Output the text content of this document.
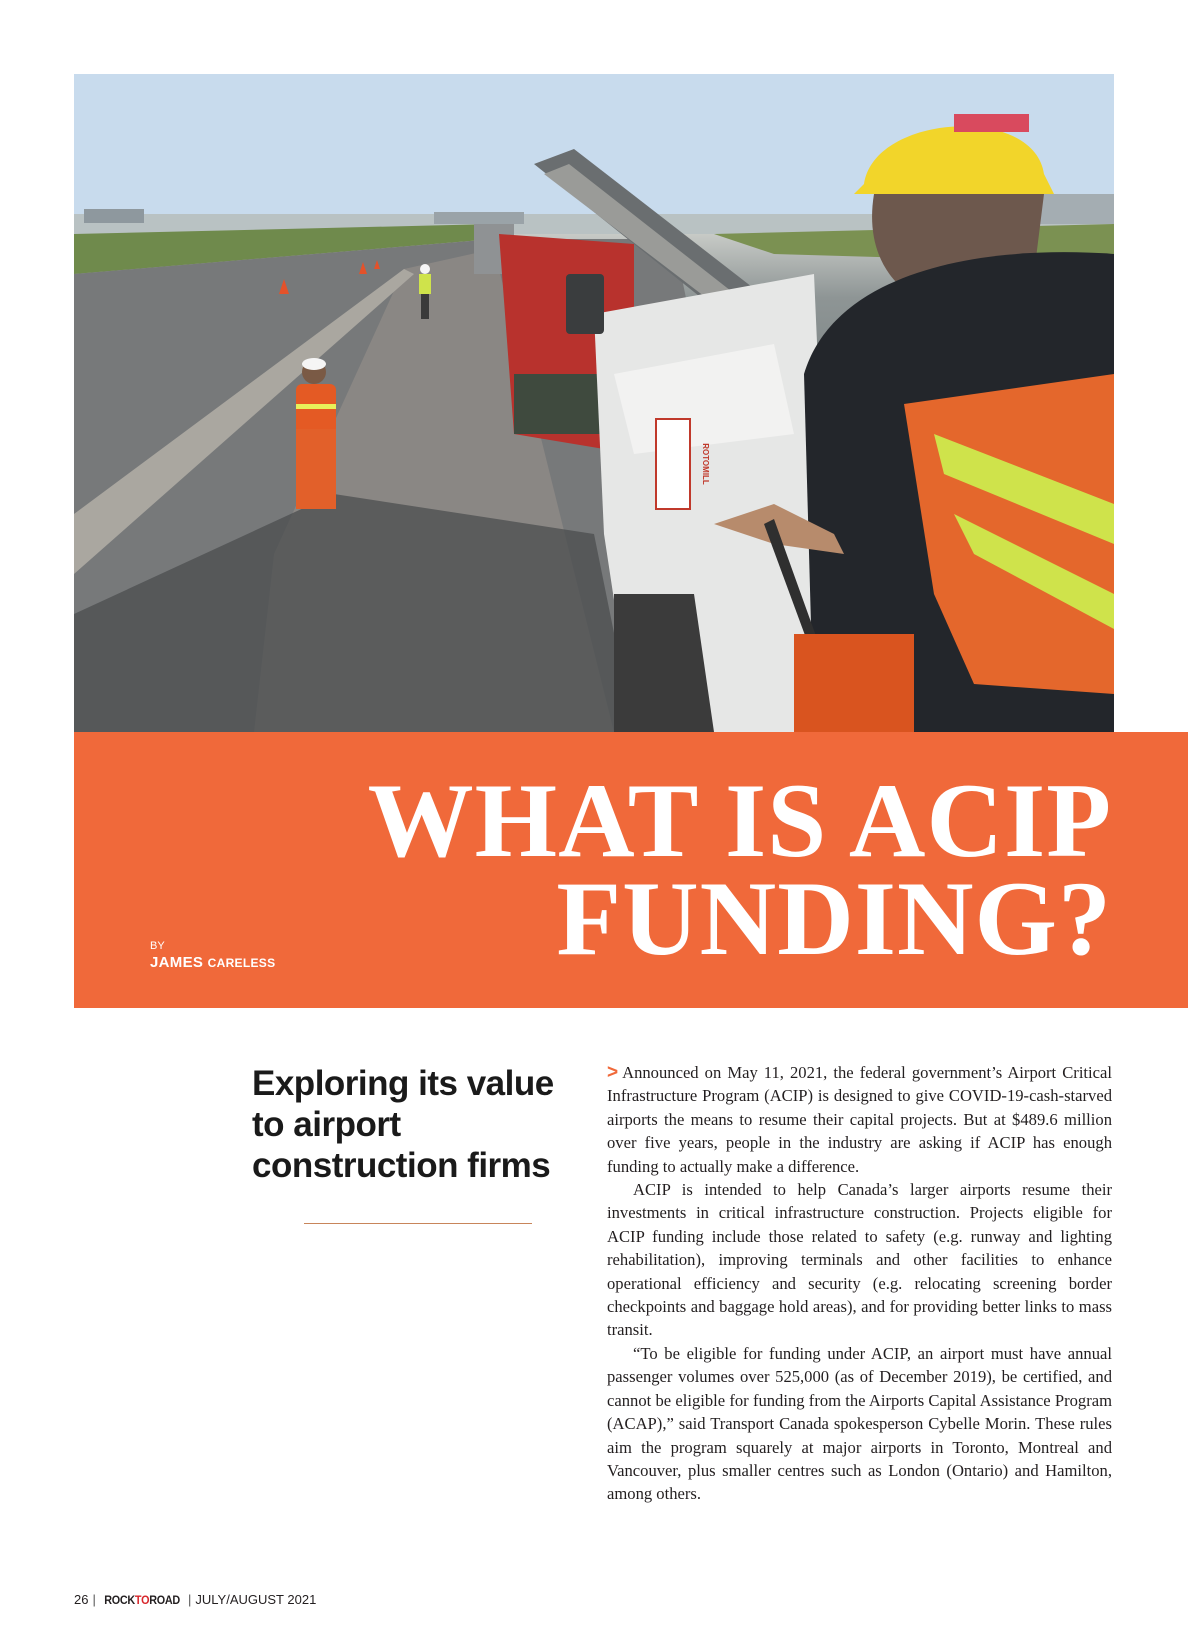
ROTOMILL
WHAT IS ACIP
FUNDING?
BY
JAMES CARELESS
Exploring its value to airport construction firms

> Announced on May 11, 2021, the federal government’s Airport Critical Infrastructure Program (ACIP) is designed to give COVID-19-cash-starved airports the means to resume their capital projects. But at $489.6 million over five years, people in the industry are asking if ACIP has enough funding to actually make a difference.

ACIP is intended to help Canada’s larger airports resume their investments in critical infrastructure construction. Projects eligible for ACIP funding include those related to safety (e.g. runway and lighting rehabilitation), improving terminals and other facilities to enhance operational efficiency and security (e.g. relocating screening border checkpoints and baggage hold areas), and for providing better links to mass transit.

“To be eligible for funding under ACIP, an airport must have annual passenger volumes over 525,000 (as of December 2019), be certified, and cannot be eligible for funding from the Airports Capital Assistance Program (ACAP),” said Transport Canada spokesperson Cybelle Morin. These rules aim the program squarely at major airports in Toronto, Montreal and Vancouver, plus smaller centres such as London (Ontario) and Hamilton, among others.

26 | ROCKTOROAD | JULY/AUGUST 2021
